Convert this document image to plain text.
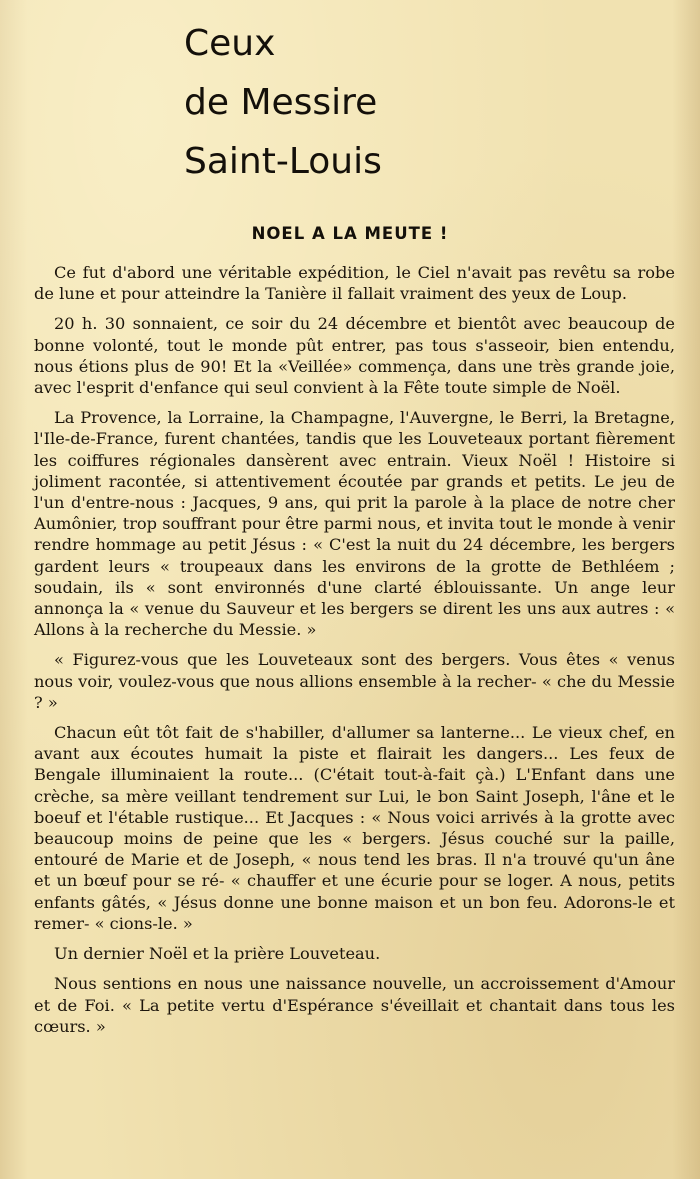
Ceux
de Messire
Saint-Louis
NOEL A LA MEUTE !

Ce fut d'abord une véritable expédition, le Ciel n'avait pas revêtu sa robe de lune et pour atteindre la Tanière il fallait vraiment des yeux de Loup.

20 h. 30 sonnaient, ce soir du 24 décembre et bientôt avec beaucoup de bonne volonté, tout le monde pût entrer, pas tous s'asseoir, bien entendu, nous étions plus de 90! Et la «Veillée» commença, dans une très grande joie, avec l'esprit d'enfance qui seul convient à la Fête toute simple de Noël.

La Provence, la Lorraine, la Champagne, l'Auvergne, le Berri, la Bretagne, l'Ile-de-France, furent chantées, tandis que les Louveteaux portant fièrement les coiffures régionales dansèrent avec entrain. Vieux Noël ! Histoire si joliment racontée, si attentivement écoutée par grands et petits. Le jeu de l'un d'entre-nous : Jacques, 9 ans, qui prit la parole à la place de notre cher Aumônier, trop souffrant pour être parmi nous, et invita tout le monde à venir rendre hommage au petit Jésus : « C'est la nuit du 24 décembre, les bergers gardent leurs « troupeaux dans les environs de la grotte de Bethléem ; soudain, ils « sont environnés d'une clarté éblouissante. Un ange leur annonça la « venue du Sauveur et les bergers se dirent les uns aux autres : « Allons à la recherche du Messie. »

« Figurez-vous que les Louveteaux sont des bergers. Vous êtes « venus nous voir, voulez-vous que nous allions ensemble à la recher- « che du Messie ? »

Chacun eût tôt fait de s'habiller, d'allumer sa lanterne... Le vieux chef, en avant aux écoutes humait la piste et flairait les dangers... Les feux de Bengale illuminaient la route... (C'était tout-à-fait çà.) L'Enfant dans une crèche, sa mère veillant tendrement sur Lui, le bon Saint Joseph, l'âne et le boeuf et l'étable rustique... Et Jacques : « Nous voici arrivés à la grotte avec beaucoup moins de peine que les « bergers. Jésus couché sur la paille, entouré de Marie et de Joseph, « nous tend les bras. Il n'a trouvé qu'un âne et un bœuf pour se ré- « chauffer et une écurie pour se loger. A nous, petits enfants gâtés, « Jésus donne une bonne maison et un bon feu. Adorons-le et remer- « cions-le. »

Un dernier Noël et la prière Louveteau.

Nous sentions en nous une naissance nouvelle, un accroissement d'Amour et de Foi. « La petite vertu d'Espérance s'éveillait et chantait dans tous les cœurs. »
